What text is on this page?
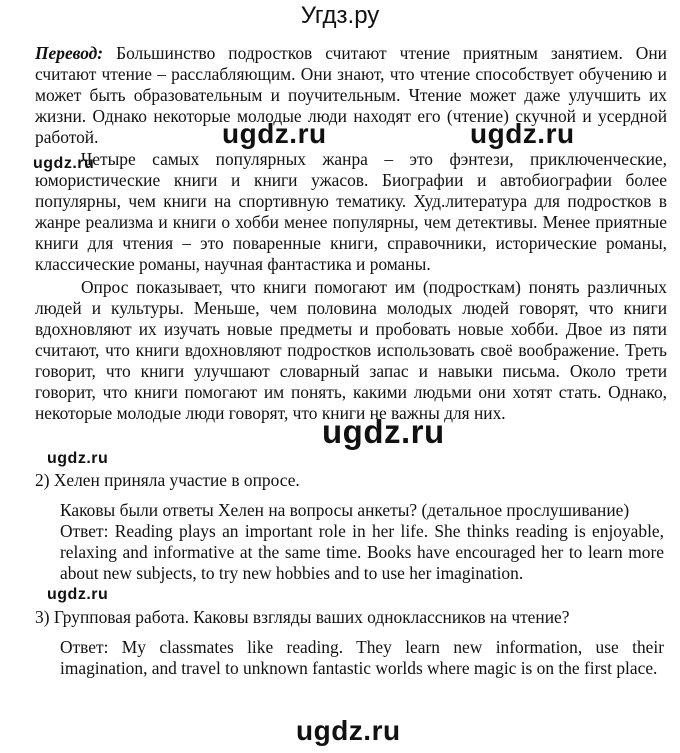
Угдз.ру

Перевод: Большинство подростков считают чтение приятным занятием. Они считают чтение – расслабляющим. Они знают, что чтение способствует обучению и может быть образовательным и поучительным. Чтение может даже улучшить их жизни. Однако некоторые молодые люди находят его (чтение) скучной и усердной работой.

Четыре самых популярных жанра – это фэнтези, приключенческие, юмористические книги и книги ужасов. Биографии и автобиографии более популярны, чем книги на спортивную тематику. Худ.литература для подростков в жанре реализма и книги о хобби менее популярны, чем детективы. Менее приятные книги для чтения – это поваренные книги, справочники, исторические романы, классические романы, научная фантастика и романы.

Опрос показывает, что книги помогают им (подросткам) понять различных людей и культуры. Меньше, чем половина молодых людей говорят, что книги вдохновляют их изучать новые предметы и пробовать новые хобби. Двое из пяти считают, что книги вдохновляют подростков использовать своё воображение. Треть говорит, что книги улучшают словарный запас и навыки письма. Около трети говорит, что книги помогают им понять, какими людьми они хотят стать. Однако, некоторые молодые люди говорят, что книги не важны для них.

2) Хелен приняла участие в опросе.

Каковы были ответы Хелен на вопросы анкеты? (детальное прослушивание)
Ответ: Reading plays an important role in her life. She thinks reading is enjoyable, relaxing and informative at the same time. Books have encouraged her to learn more about new subjects, to try new hobbies and to use her imagination.

3) Групповая работа. Каковы взгляды ваших одноклассников на чтение?

Ответ: My classmates like reading. They learn new information, use their imagination, and travel to unknown fantastic worlds where magic is on the first place.
ugdz.ru	ugdz.ru
ugdz.ru
ugdz.ru
ugdz.ru
ugdz.ru
ugdz.ru
